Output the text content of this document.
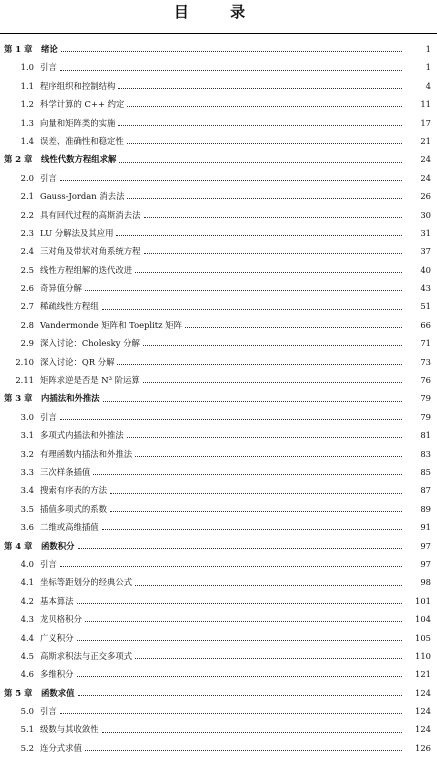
目 录
第 1 章	绪论	1
1.0 引言	1
1.1 程序组织和控制结构	4
1.2 科学计算的 C++ 约定	11
1.3 向量和矩阵类的实施	17
1.4 误差、准确性和稳定性	21
第 2 章	线性代数方程组求解	24
2.0 引言	24
2.1 Gauss-Jordan 消去法	26
2.2 具有回代过程的高斯消去法	30
2.3 LU 分解法及其应用	31
2.4 三对角及带状对角系统方程	37
2.5 线性方程组解的迭代改进	40
2.6 奇异值分解	43
2.7 稀疏线性方程组	51
2.8 Vandermonde 矩阵和 Toeplitz 矩阵	66
2.9 深入讨论：Cholesky 分解	71
2.10 深入讨论：QR 分解	73
2.11 矩阵求逆是否是 N³ 阶运算	76
第 3 章	内插法和外推法	79
3.0 引言	79
3.1 多项式内插法和外推法	81
3.2 有理函数内插法和外推法	83
3.3 三次样条插值	85
3.4 搜索有序表的方法	87
3.5 插值多项式的系数	89
3.6 二维或高维插值	91
第 4 章	函数积分	97
4.0 引言	97
4.1 坐标等距划分的经典公式	98
4.2 基本算法	101
4.3 龙贝格积分	104
4.4 广义积分	105
4.5 高斯求积法与正交多项式	110
4.6 多维积分	121
第 5 章	函数求值	124
5.0 引言	124
5.1 级数与其收敛性	124
5.2 连分式求值	126
